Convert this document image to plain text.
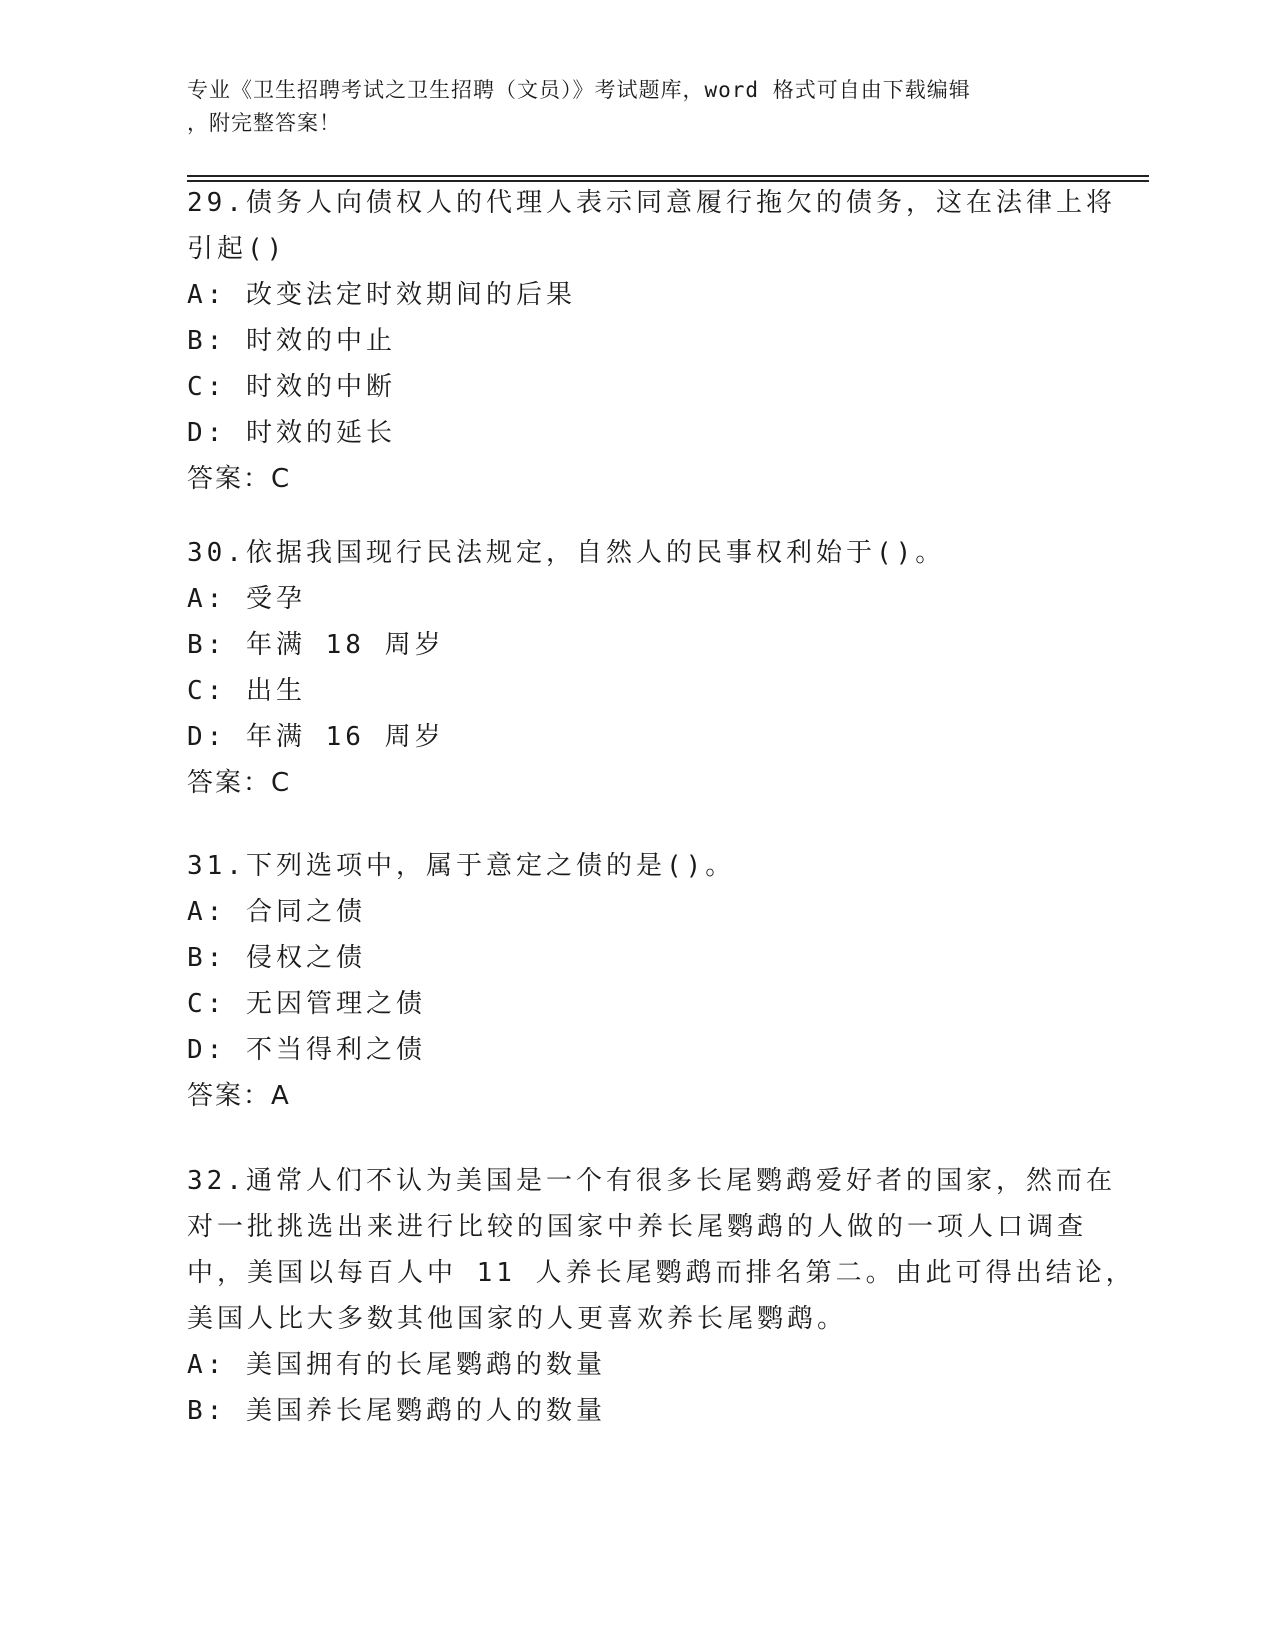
专业《卫生招聘考试之卫生招聘（文员）》考试题库，word 格式可自由下载编辑
，附完整答案！
29.债务人向债权人的代理人表示同意履行拖欠的债务，这在法律上将
引起()
A: 改变法定时效期间的后果
B: 时效的中止
C: 时效的中断
D: 时效的延长
答案：C
30.依据我国现行民法规定，自然人的民事权利始于()。
A: 受孕
B: 年满 18 周岁
C: 出生
D: 年满 16 周岁
答案：C
31.下列选项中，属于意定之债的是()。
A: 合同之债
B: 侵权之债
C: 无因管理之债
D: 不当得利之债
答案：A
32.通常人们不认为美国是一个有很多长尾鹦鹉爱好者的国家，然而在
对一批挑选出来进行比较的国家中养长尾鹦鹉的人做的一项人口调查
中，美国以每百人中 11 人养长尾鹦鹉而排名第二。由此可得出结论，
美国人比大多数其他国家的人更喜欢养长尾鹦鹉。
A: 美国拥有的长尾鹦鹉的数量
B: 美国养长尾鹦鹉的人的数量
